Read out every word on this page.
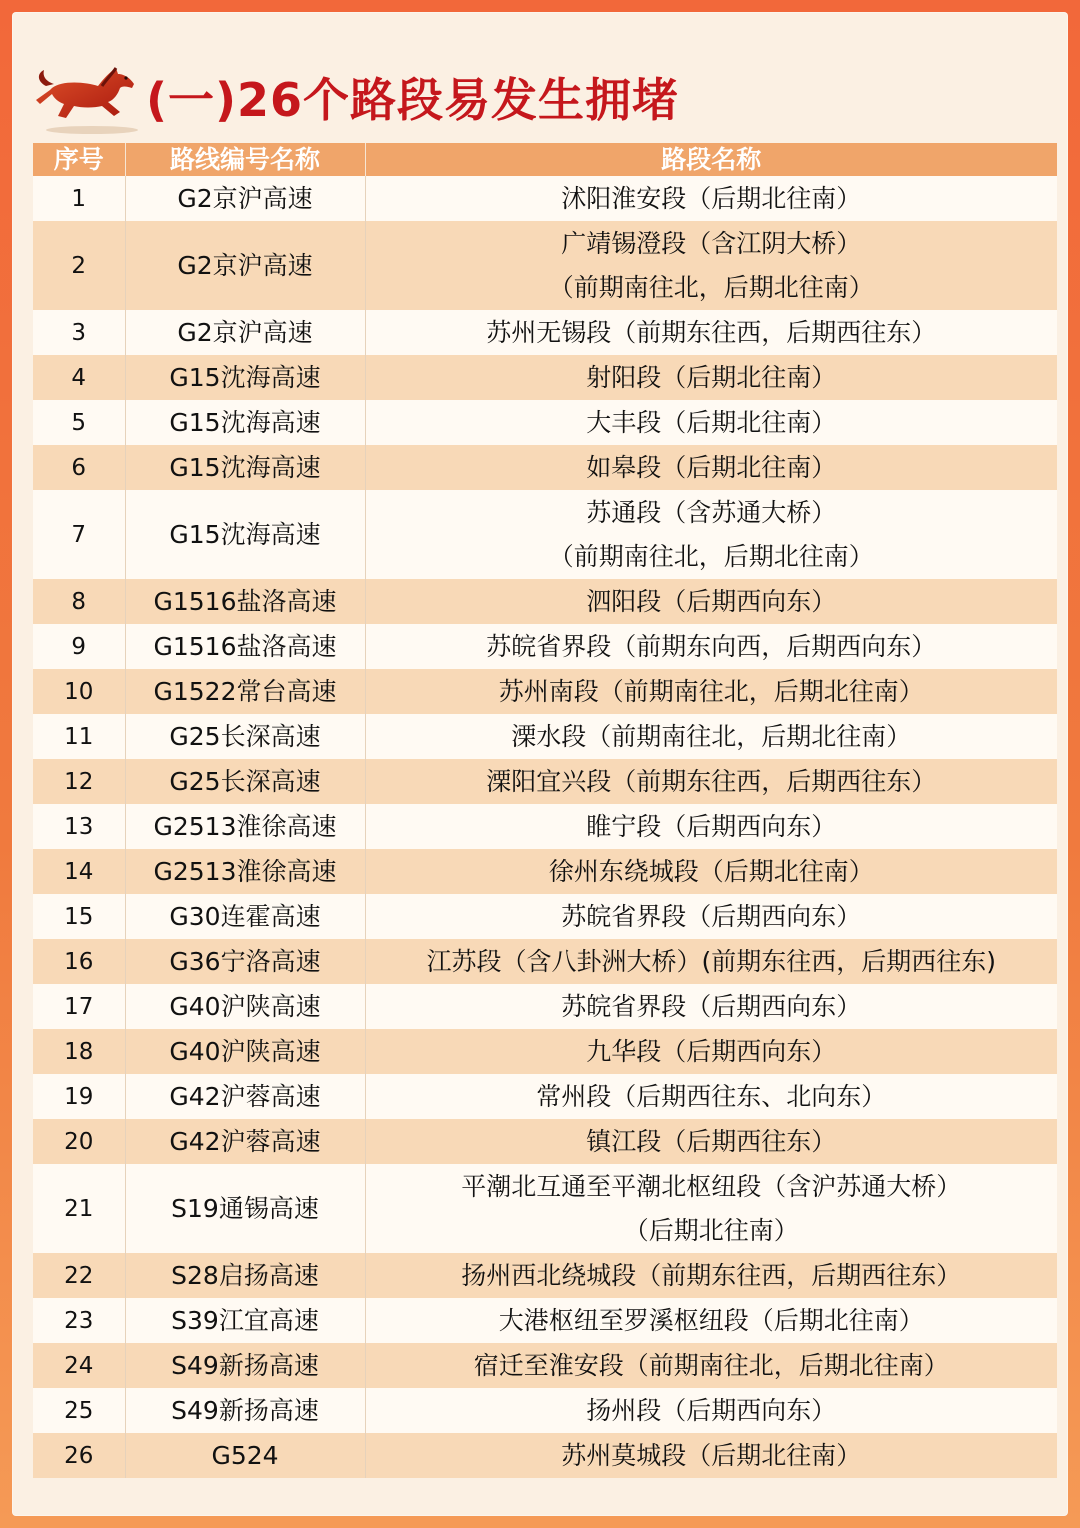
(一)26个路段易发生拥堵
序号	路线编号名称	路段名称
1	G2京沪高速	沭阳淮安段（后期北往南）

2	G2京沪高速	广靖锡澄段（含江阴大桥）
（前期南往北，后期北往南）

3	G2京沪高速	苏州无锡段（前期东往西，后期西往东）

4	G15沈海高速	射阳段（后期北往南）

5	G15沈海高速	大丰段（后期北往南）

6	G15沈海高速	如皋段（后期北往南）

7	G15沈海高速	苏通段（含苏通大桥）
（前期南往北，后期北往南）

8	G1516盐洛高速	泗阳段（后期西向东）

9	G1516盐洛高速	苏皖省界段（前期东向西，后期西向东）

10	G1522常台高速	苏州南段（前期南往北，后期北往南）

11	G25长深高速	溧水段（前期南往北，后期北往南）

12	G25长深高速	溧阳宜兴段（前期东往西，后期西往东）

13	G2513淮徐高速	睢宁段（后期西向东）

14	G2513淮徐高速	徐州东绕城段（后期北往南）

15	G30连霍高速	苏皖省界段（后期西向东）

16	G36宁洛高速	江苏段（含八卦洲大桥）(前期东往西，后期西往东)

17	G40沪陕高速	苏皖省界段（后期西向东）

18	G40沪陕高速	九华段（后期西向东）

19	G42沪蓉高速	常州段（后期西往东、北向东）

20	G42沪蓉高速	镇江段（后期西往东）

21	S19通锡高速	平潮北互通至平潮北枢纽段（含沪苏通大桥）
（后期北往南）

22	S28启扬高速	扬州西北绕城段（前期东往西，后期西往东）

23	S39江宜高速	大港枢纽至罗溪枢纽段（后期北往南）

24	S49新扬高速	宿迁至淮安段（前期南往北，后期北往南）

25	S49新扬高速	扬州段（后期西向东）

26	G524	苏州莫城段（后期北往南）
